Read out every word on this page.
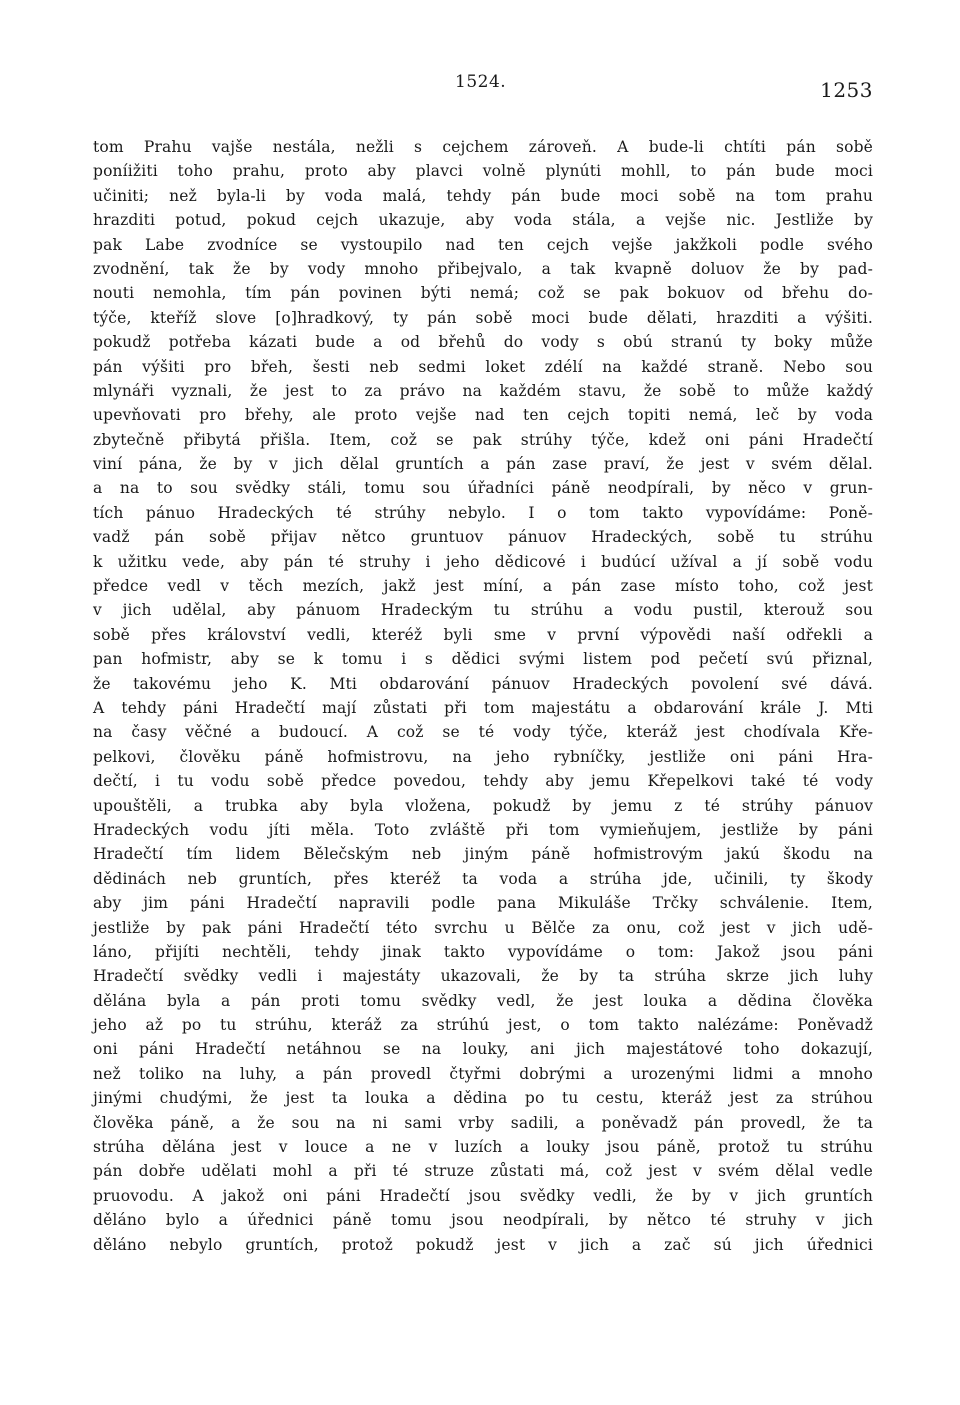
1524.	1253
tom Prahu vajše nestála, nežli s cejchem zároveň. A bude-li chtíti pán sobě
poníižiti toho prahu, proto aby plavci volně plynúti mohll, to pán bude moci
učiniti; než byla-li by voda malá, tehdy pán bude moci sobě na tom prahu
hrazditi potud, pokud cejch ukazuje, aby voda stála, a vejše nic. Jestliže by
pak Labe zvodníce se vystoupilo nad ten cejch vejše jakžkoli podle svého
zvodnění, tak že by vody mnoho přibejvalo, a tak kvapně doluov že by pad-
nouti nemohla, tím pán povinen býti nemá; což se pak bokuov od břehu do-
týče, kteříž slove [o]hradkový, ty pán sobě moci bude dělati, hrazditi a výšiti.
pokudž potřeba kázati bude a od břehů do vody s obú stranú ty boky může
pán výšiti pro břeh, šesti neb sedmi loket zdélí na každé straně. Nebo sou
mlynáři vyznali, že jest to za právo na každém stavu, že sobě to může každý
upevňovati pro břehy, ale proto vejše nad ten cejch topiti nemá, leč by voda
zbytečně přibytá přišla. Item, což se pak strúhy týče, kdež oni páni Hradečtí
viní pána, že by v jich dělal gruntích a pán zase praví, že jest v svém dělal.
a na to sou svědky stáli, tomu sou úřadníci páně neodpírali, by něco v grun-
tích pánuo Hradeckých té strúhy nebylo. I o tom takto vypovídáme: Poně-
vadž pán sobě přijav nětco gruntuov pánuov Hradeckých, sobě tu strúhu
k užitku vede, aby pán té struhy i jeho dědicové i budúcí užíval a jí sobě vodu
předce vedl v těch mezích, jakž jest míní, a pán zase místo toho, což jest
v jich udělal, aby pánuom Hradeckým tu strúhu a vodu pustil, kterouž sou
sobě přes království vedli, kteréž byli sme v první výpovědi naší odřekli a
pan hofmistr, aby se k tomu i s dědici svými listem pod pečetí svú přiznal,
že takovému jeho K. Mti obdarování pánuov Hradeckých povolení své dává.
A tehdy páni Hradečtí mají zůstati při tom majestátu a obdarování krále J. Mti
na časy věčné a budoucí. A což se té vody týče, kteráž jest chodívala Kře-
pelkovi, člověku páně hofmistrovu, na jeho rybníčky, jestliže oni páni Hra-
dečtí, i tu vodu sobě předce povedou, tehdy aby jemu Křepelkovi také té vody
upouštěli, a trubka aby byla vložena, pokudž by jemu z té strúhy pánuov
Hradeckých vodu jíti měla. Toto zvláště při tom vymieňujem, jestliže by páni
Hradečtí tím lidem Bělečským neb jiným páně hofmistrovým jakú škodu na
dědinách neb gruntích, přes kteréž ta voda a strúha jde, učinili, ty škody
aby jim páni Hradečtí napravili podle pana Mikuláše Trčky schválenie. Item,
jestliže by pak páni Hradečtí této svrchu u Bělče za onu, což jest v jich udě-
láno, přijíti nechtěli, tehdy jinak takto vypovídáme o tom: Jakož jsou páni
Hradečtí svědky vedli i majestáty ukazovali, že by ta strúha skrze jich luhy
dělána byla a pán proti tomu svědky vedl, že jest louka a dědina člověka
jeho až po tu strúhu, kteráž za strúhú jest, o tom takto nalézáme: Poněvadž
oni páni Hradečtí netáhnou se na louky, ani jich majestátové toho dokazují,
než toliko na luhy, a pán provedl čtyřmi dobrými a urozenými lidmi a mnoho
jinými chudými, že jest ta louka a dědina po tu cestu, kteráž jest za strúhou
člověka páně, a že sou na ni sami vrby sadili, a poněvadž pán provedl, že ta
strúha dělána jest v louce a ne v luzích a louky jsou páně, protož tu strúhu
pán dobře udělati mohl a při té struze zůstati má, což jest v svém dělal vedle
pruovodu. A jakož oni páni Hradečtí jsou svědky vedli, že by v jich gruntích
děláno bylo a úřednici páně tomu jsou neodpírali, by nětco té struhy v jich
děláno nebylo gruntích, protož pokudž jest v jich a zač sú jich úřednici
